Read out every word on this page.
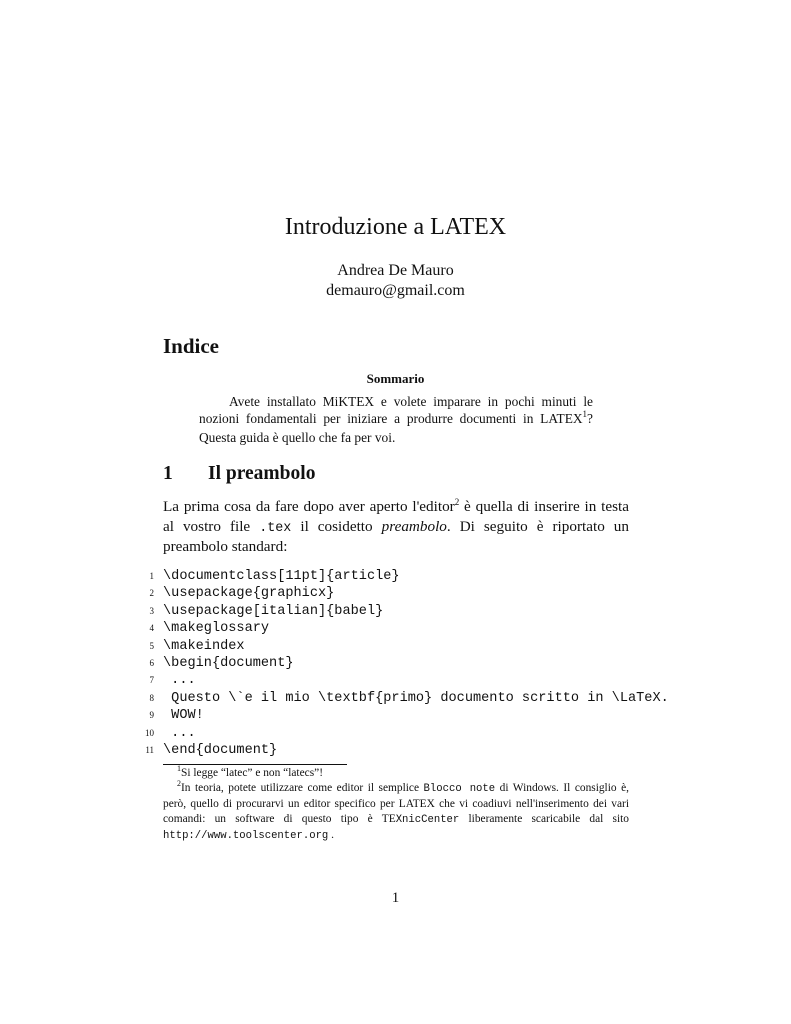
Introduzione a LATEX
Andrea De Mauro
demauro@gmail.com
Indice
Sommario

Avete installato MiKTEX e volete imparare in pochi minuti le nozioni fondamentali per iniziare a produrre documenti in LATEX$^1$? Questa guida è quello che fa per voi.

1 Il preambolo

La prima cosa da fare dopo aver aperto l'editor$^2$ è quella di inserire in testa al vostro file .tex il cosidetto preambolo. Di seguito è riportato un preambolo standard:

1 \documentclass[11pt]{article}
2 \usepackage{graphicx}
3 \usepackage[italian]{babel}
4 \makeglossary
5 \makeindex
6 \begin{document}
7 ...
8 Questo \`e il mio \textbf{primo} documento scritto in \LaTeX.
9 WOW!
10 ...
11 \end{document}

$^1$Si legge “latec” e non “latecs”!

$^2$In teoria, potete utilizzare come editor il semplice Blocco note di Windows. Il consiglio è, però, quello di procurarvi un editor specifico per LATEX che vi coadiuvi nell'inserimento dei vari comandi: un software di questo tipo è TEXnicCenter liberamente scaricabile dal sito http://www.toolscenter.org .

1
